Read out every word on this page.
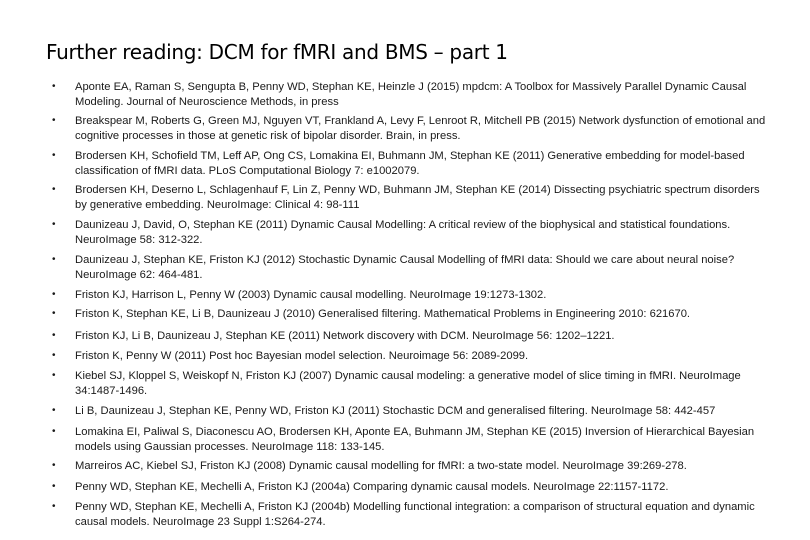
Further reading: DCM for fMRI and BMS – part 1
•	Aponte EA, Raman S, Sengupta B, Penny WD, Stephan KE, Heinzle J (2015) mpdcm: A Toolbox for Massively Parallel Dynamic Causal Modeling. Journal of Neuroscience Methods, in press
•	Breakspear M, Roberts G, Green MJ, Nguyen VT, Frankland A, Levy F, Lenroot R, Mitchell PB (2015) Network dysfunction of emotional and cognitive processes in those at genetic risk of bipolar disorder. Brain, in press.
•	Brodersen KH, Schofield TM, Leff AP, Ong CS, Lomakina EI, Buhmann JM, Stephan KE (2011) Generative embedding for model-based classification of fMRI data. PLoS Computational Biology 7: e1002079.
•	Brodersen KH, Deserno L, Schlagenhauf F, Lin Z, Penny WD, Buhmann JM, Stephan KE (2014) Dissecting psychiatric spectrum disorders by generative embedding. NeuroImage: Clinical 4: 98-111
•	Daunizeau J, David, O, Stephan KE (2011) Dynamic Causal Modelling: A critical review of the biophysical and statistical foundations. NeuroImage 58: 312-322.
•	Daunizeau J, Stephan KE, Friston KJ (2012) Stochastic Dynamic Causal Modelling of fMRI data: Should we care about neural noise? NeuroImage 62: 464-481.
•	Friston KJ, Harrison L, Penny W (2003) Dynamic causal modelling. NeuroImage 19:1273-1302.
•	Friston K, Stephan KE, Li B, Daunizeau J (2010) Generalised filtering. Mathematical Problems in Engineering 2010: 621670.
•	Friston KJ, Li B, Daunizeau J, Stephan KE (2011) Network discovery with DCM. NeuroImage 56: 1202–1221.
•	Friston K, Penny W (2011) Post hoc Bayesian model selection. Neuroimage 56: 2089-2099.
•	Kiebel SJ, Kloppel S, Weiskopf N, Friston KJ (2007) Dynamic causal modeling: a generative model of slice timing in fMRI. NeuroImage 34:1487-1496.
•	Li B, Daunizeau J, Stephan KE, Penny WD, Friston KJ (2011) Stochastic DCM and generalised filtering. NeuroImage 58: 442-457
•	Lomakina EI, Paliwal S, Diaconescu AO, Brodersen KH, Aponte EA, Buhmann JM, Stephan KE (2015) Inversion of Hierarchical Bayesian models using Gaussian processes. NeuroImage 118: 133-145.
•	Marreiros AC, Kiebel SJ, Friston KJ (2008) Dynamic causal modelling for fMRI: a two-state model. NeuroImage 39:269-278.
•	Penny WD, Stephan KE, Mechelli A, Friston KJ (2004a) Comparing dynamic causal models. NeuroImage 22:1157-1172.
•	Penny WD, Stephan KE, Mechelli A, Friston KJ (2004b) Modelling functional integration: a comparison of structural equation and dynamic causal models. NeuroImage 23 Suppl 1:S264-274.
